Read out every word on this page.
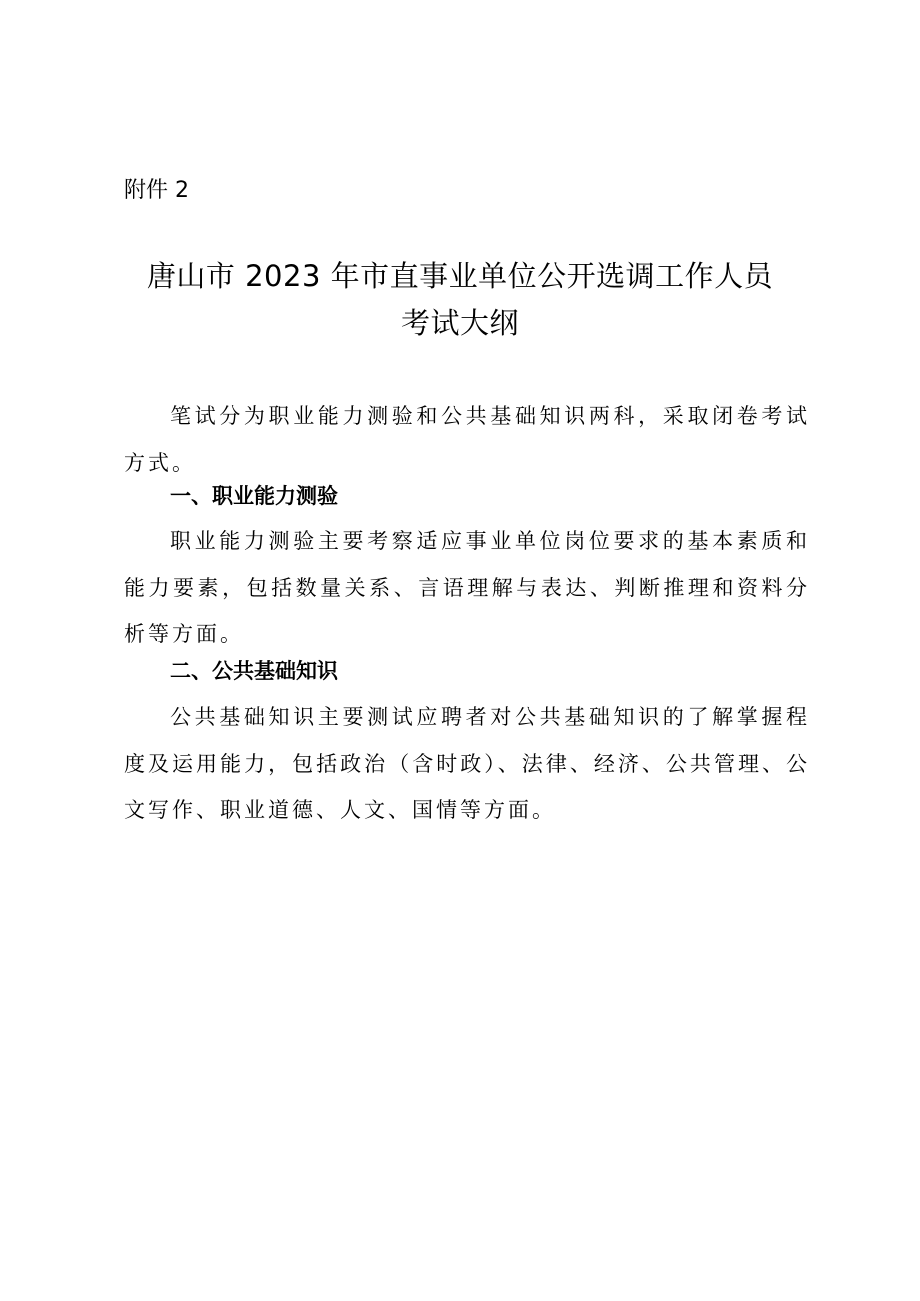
附件 2
唐山市 2023 年市直事业单位公开选调工作人员
考试大纲

笔试分为职业能力测验和公共基础知识两科，采取闭卷考试方式。

一、职业能力测验

职业能力测验主要考察适应事业单位岗位要求的基本素质和能力要素，包括数量关系、言语理解与表达、判断推理和资料分析等方面。

二、公共基础知识

公共基础知识主要测试应聘者对公共基础知识的了解掌握程度及运用能力，包括政治（含时政）、法律、经济、公共管理、公文写作、职业道德、人文、国情等方面。
